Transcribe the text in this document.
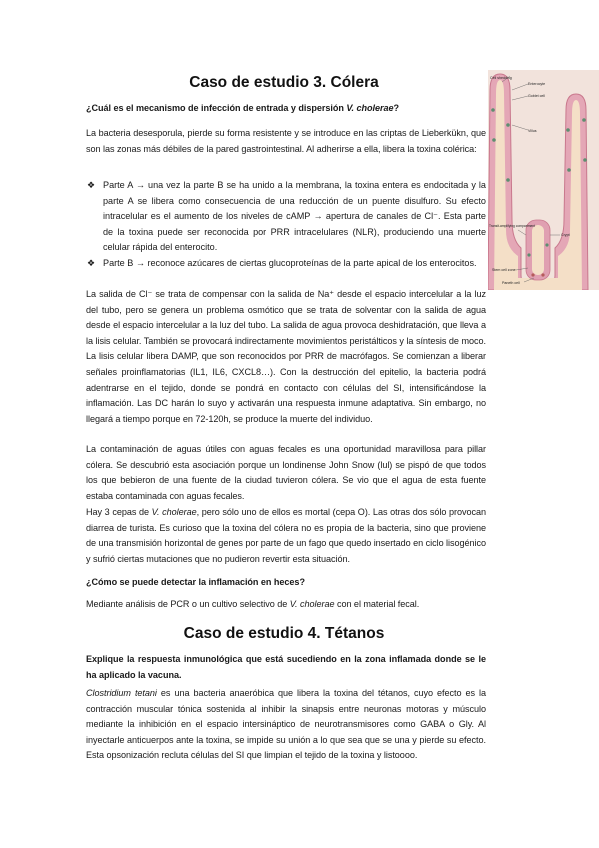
Caso de estudio 3. Cólera
¿Cuál es el mecanismo de infección de entrada y dispersión V. cholerae?
La bacteria desesporula, pierde su forma resistente y se introduce en las criptas de Lieberkükn, que son las zonas más débiles de la pared gastrointestinal. Al adherirse a ella, libera la toxina colérica:
❖ Parte A → una vez la parte B se ha unido a la membrana, la toxina entera es endocitada y la parte A se libera como consecuencia de una reducción de un puente disulfuro. Su efecto intracelular es el aumento de los niveles de cAMP → apertura de canales de Cl⁻. Esta parte de la toxina puede ser reconocida por PRR intracelulares (NLR), produciendo una muerte celular rápida del enterocito.
❖ Parte B → reconoce azúcares de ciertas glucoproteínas de la parte apical de los enterocitos.
La salida de Cl⁻ se trata de compensar con la salida de Na⁺ desde el espacio intercelular a la luz del tubo, pero se genera un problema osmótico que se trata de solventar con la salida de agua desde el espacio intercelular a la luz del tubo. La salida de agua provoca deshidratación, que lleva a la lisis celular. También se provocará indirectamente movimientos peristálticos y la síntesis de moco. La lisis celular libera DAMP, que son reconocidos por PRR de macrófagos. Se comienzan a liberar señales proinflamatorias (IL1, IL6, CXCL8…). Con la destrucción del epitelio, la bacteria podrá adentrarse en el tejido, donde se pondrá en contacto con células del SI, intensificándose la inflamación. Las DC harán lo suyo y activarán una respuesta inmune adaptativa. Sin embargo, no llegará a tiempo porque en 72-120h, se produce la muerte del individuo.
La contaminación de aguas útiles con aguas fecales es una oportunidad maravillosa para pillar cólera. Se descubrió esta asociación porque un londinense John Snow (lul) se pispó de que todos los que bebieron de una fuente de la ciudad tuvieron cólera. Se vio que el agua de esta fuente estaba contaminada con aguas fecales.
Hay 3 cepas de V. cholerae, pero sólo uno de ellos es mortal (cepa O). Las otras dos sólo provocan diarrea de turista. Es curioso que la toxina del cólera no es propia de la bacteria, sino que proviene de una transmisión horizontal de genes por parte de un fago que quedo insertado en ciclo lisogénico y sufrió ciertas mutaciones que no pudieron revertir esta situación.
¿Cómo se puede detectar la inflamación en heces?
Mediante análisis de PCR o un cultivo selectivo de V. cholerae con el material fecal.
Caso de estudio 4. Tétanos
Explique la respuesta inmunológica que está sucediendo en la zona inflamada donde se le ha aplicado la vacuna.
Clostridium tetani es una bacteria anaeróbica que libera la toxina del tétanos, cuyo efecto es la contracción muscular tónica sostenida al inhibir la sinapsis entre neuronas motoras y músculo mediante la inhibición en el espacio intersináptico de neurotransmisores como GABA o Gly. Al inyectarle anticuerpos ante la toxina, se impide su unión a lo que sea que se una y pierde su efecto. Esta opsonización recluta células del SI que limpian el tejido de la toxina y listoooo.
Cell shedding
Enterocyte
Goblet cell
Villus
Transit-amplifying compartment
Crypt
Stem cell zone
Paneth cell
